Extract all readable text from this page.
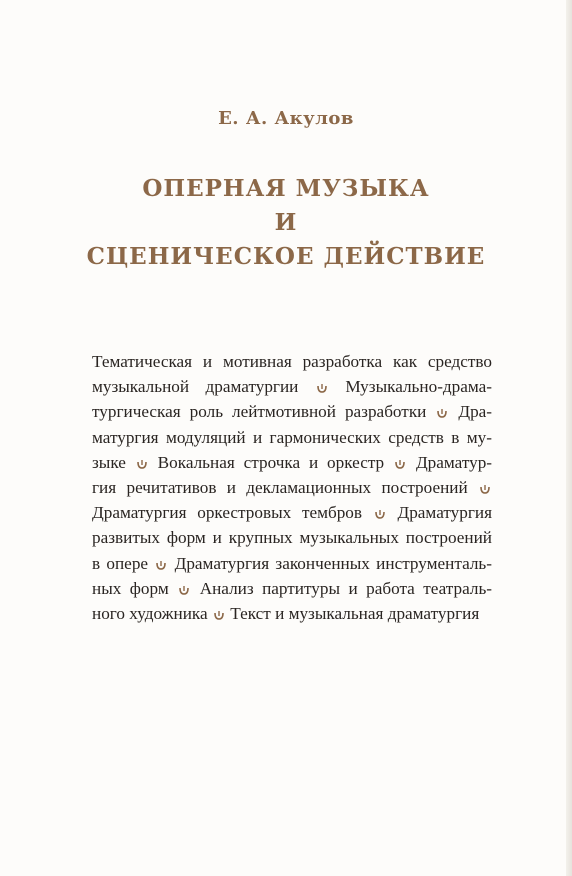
Е. А. Акулов
ОПЕРНАЯ МУЗЫКА
И
СЦЕНИЧЕСКОЕ ДЕЙСТВИЕ
Тематическая и мотивная разработка как средство
музыкальной драматургии	Музыкально-драма-
тургическая роль лейтмотивной разработки Дра-
матургия модуляций и гармонических средств в му-
зыке Вокальная строчка и оркестр Драматур-
гия речитативов и декламационных построений
Драматургия оркестровых тембров Драматургия
развитых форм и крупных музыкальных построений
в опере Драматургия законченных инструменталь-
ных форм Анализ партитуры и работа театраль-
ного художника Текст и музыкальная драматургия
